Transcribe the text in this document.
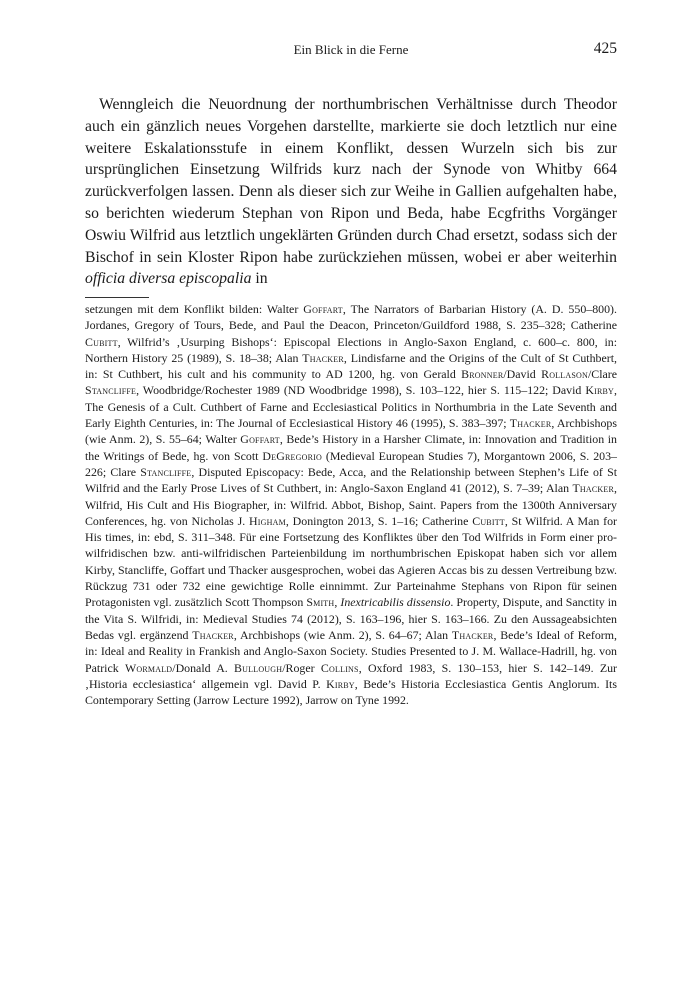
Ein Blick in die Ferne	425

Wenngleich die Neuordnung der northumbrischen Verhältnisse durch Theodor auch ein gänzlich neues Vorgehen darstellte, markierte sie doch letztlich nur eine weitere Eskalationsstufe in einem Konflikt, dessen Wurzeln sich bis zur ursprünglichen Einsetzung Wilfrids kurz nach der Synode von Whitby 664 zurückverfolgen lassen. Denn als dieser sich zur Weihe in Gallien aufgehalten habe, so berichten wiederum Stephan von Ripon und Beda, habe Ecgfriths Vorgänger Oswiu Wilfrid aus letztlich ungeklärten Gründen durch Chad ersetzt, sodass sich der Bischof in sein Kloster Ripon habe zurückziehen müssen, wobei er aber weiterhin officia diversa episcopalia in

setzungen mit dem Konflikt bilden: Walter Goffart, The Narrators of Barbarian History (A. D. 550–800). Jordanes, Gregory of Tours, Bede, and Paul the Deacon, Princeton/Guildford 1988, S. 235–328; Catherine Cubitt, Wilfrid’s ‚Usurping Bishops‘: Episcopal Elections in Anglo-Saxon England, c. 600–c. 800, in: Northern History 25 (1989), S. 18–38; Alan Thacker, Lindisfarne and the Origins of the Cult of St Cuthbert, in: St Cuthbert, his cult and his community to AD 1200, hg. von Gerald Bronner/David Rollason/Clare Stancliffe, Woodbridge/Rochester 1989 (ND Woodbridge 1998), S. 103–122, hier S. 115–122; David Kirby, The Genesis of a Cult. Cuthbert of Farne and Ecclesiastical Politics in Northumbria in the Late Seventh and Early Eighth Centuries, in: The Journal of Ecclesiastical History 46 (1995), S. 383–397; Thacker, Archbishops (wie Anm. 2), S. 55–64; Walter Goffart, Bede’s History in a Harsher Climate, in: Innovation and Tradition in the Writings of Bede, hg. von Scott DeGregorio (Medieval European Studies 7), Morgantown 2006, S. 203–226; Clare Stancliffe, Disputed Episcopacy: Bede, Acca, and the Relationship between Stephen’s Life of St Wilfrid and the Early Prose Lives of St Cuthbert, in: Anglo-Saxon England 41 (2012), S. 7–39; Alan Thacker, Wilfrid, His Cult and His Biographer, in: Wilfrid. Abbot, Bishop, Saint. Papers from the 1300th Anniversary Conferences, hg. von Nicholas J. Higham, Donington 2013, S. 1–16; Catherine Cubitt, St Wilfrid. A Man for His times, in: ebd, S. 311–348. Für eine Fortsetzung des Konfliktes über den Tod Wilfrids in Form einer pro-wilfridischen bzw. anti-wilfridischen Parteienbildung im northumbrischen Episkopat haben sich vor allem Kirby, Stancliffe, Goffart und Thacker ausgesprochen, wobei das Agieren Accas bis zu dessen Vertreibung bzw. Rückzug 731 oder 732 eine gewichtige Rolle einnimmt. Zur Parteinahme Stephans von Ripon für seinen Protagonisten vgl. zusätzlich Scott Thompson Smith, Inextricabilis dissensio. Property, Dispute, and Sanctity in the Vita S. Wilfridi, in: Medieval Studies 74 (2012), S. 163–196, hier S. 163–166. Zu den Aussageabsichten Bedas vgl. ergänzend Thacker, Archbishops (wie Anm. 2), S. 64–67; Alan Thacker, Bede’s Ideal of Reform, in: Ideal and Reality in Frankish and Anglo-Saxon Society. Studies Presented to J. M. Wallace-Hadrill, hg. von Patrick Wormald/Donald A. Bullough/Roger Collins, Oxford 1983, S. 130–153, hier S. 142–149. Zur ‚Historia ecclesiastica‘ allgemein vgl. David P. Kirby, Bede’s Historia Ecclesiastica Gentis Anglorum. Its Contemporary Setting (Jarrow Lecture 1992), Jarrow on Tyne 1992.
